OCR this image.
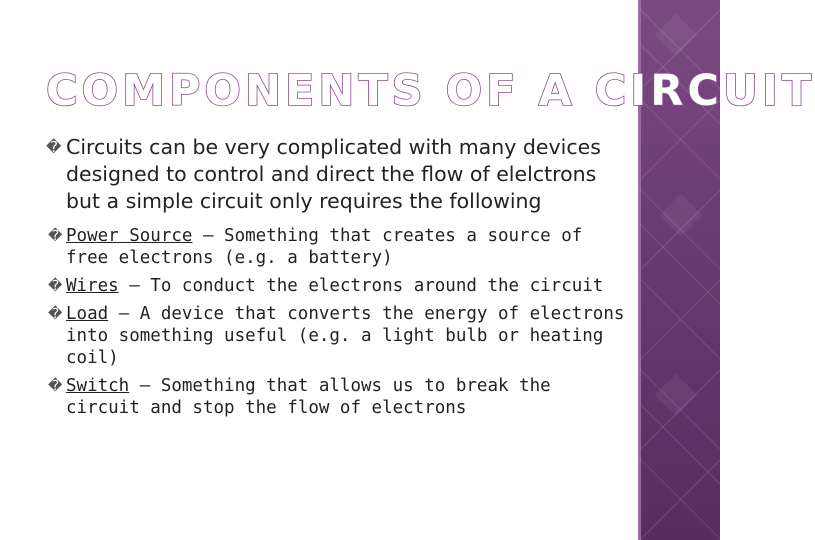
COMPONENTS OF A CIRCUIT
� Circuits can be very complicated with many devices designed to control and direct the flow of elelctrons but a simple circuit only requires the following
� Power Source – Something that creates a source of free electrons (e.g. a battery)
� Wires – To conduct the electrons around the circuit
� Load – A device that converts the energy of electrons into something useful (e.g. a light bulb or heating coil)
� Switch – Something that allows us to break the circuit and stop the flow of electrons
